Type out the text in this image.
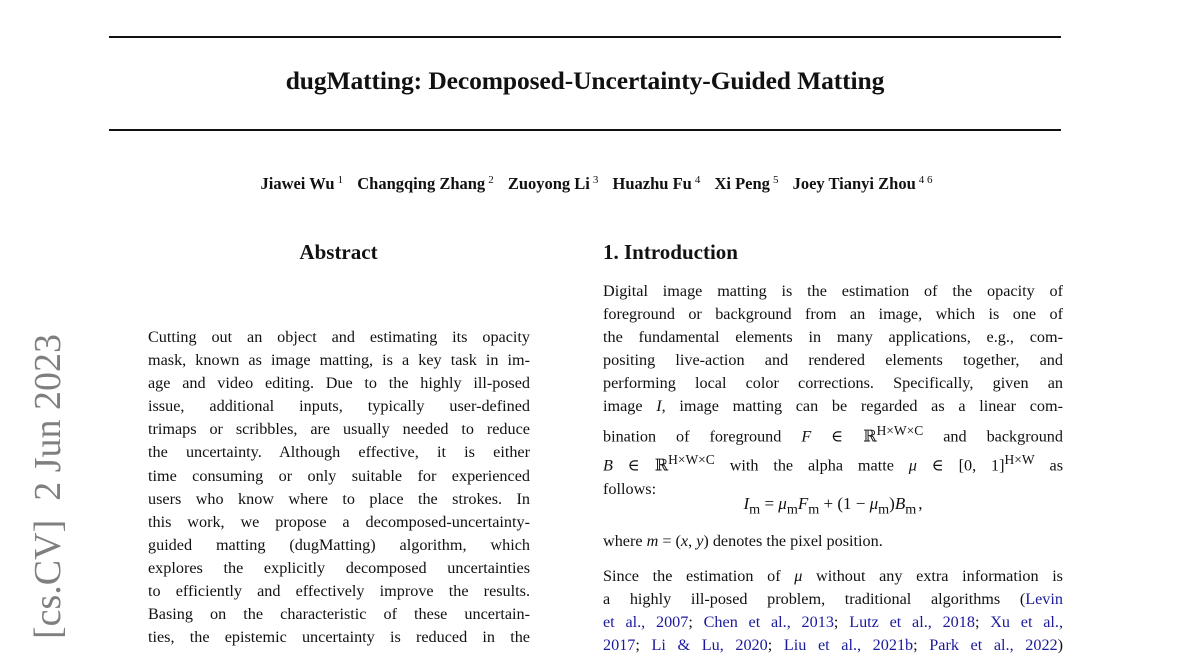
dugMatting: Decomposed-Uncertainty-Guided Matting
Jiawei Wu $^1$ Changqing Zhang $^2$ Zuoyong Li $^3$ Huazhu Fu $^4$ Xi Peng $^5$ Joey Tianyi Zhou $^{4 6}$
[cs.CV]  2 Jun 2023
Abstract
Cutting out an object and estimating its opacity
mask, known as image matting, is a key task in im-
age and video editing. Due to the highly ill-posed
issue, additional inputs, typically user-defined
trimaps or scribbles, are usually needed to reduce
the uncertainty. Although effective, it is either
time consuming or only suitable for experienced
users who know where to place the strokes. In
this work, we propose a decomposed-uncertainty-
guided matting (dugMatting) algorithm, which
explores the explicitly decomposed uncertainties
to efficiently and effectively improve the results.
Basing on the characteristic of these uncertain-
ties, the epistemic uncertainty is reduced in the
1. Introduction
Digital image matting is the estimation of the opacity of
foreground or background from an image, which is one of
the fundamental elements in many applications, e.g., com-
positing live-action and rendered elements together, and
performing local color corrections. Specifically, given an
image I, image matting can be regarded as a linear com-
bination of foreground F ∈ ℝ$^{H\times W\times C}$ and background
B ∈ ℝ$^{H\times W\times C}$ with the alpha matte μ ∈ [0, 1]$^{H\times W}$ as
follows:
$I_m = \mu_mF_m + (1 - \mu_m)B_m$ ,
where m = (x, y) denotes the pixel position.
Since the estimation of μ without any extra information is
a highly ill-posed problem, traditional algorithms (Levin
et al., 2007; Chen et al., 2013; Lutz et al., 2018; Xu et al.,
2017; Li & Lu, 2020; Liu et al., 2021b; Park et al., 2022)
